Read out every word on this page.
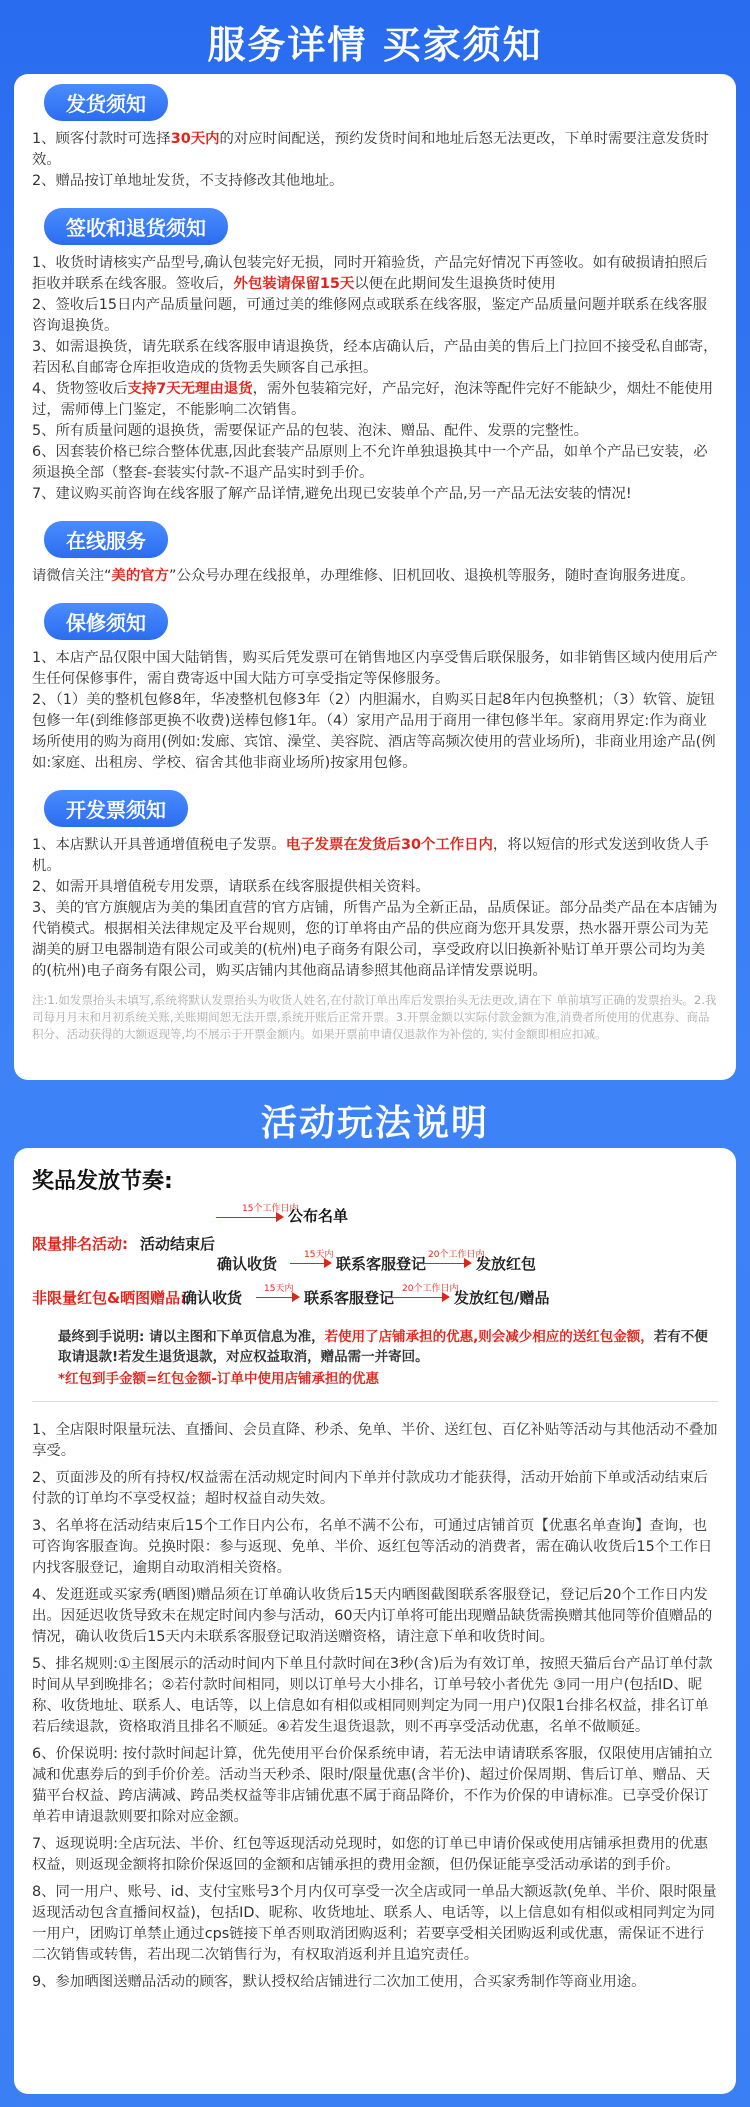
服务详情 买家须知
发货须知

1、顾客付款时可选择30天内的对应时间配送，预约发货时间和地址后怒无法更改，下单时需要注意发货时效。

2、赠品按订单地址发货，不支持修改其他地址。

签收和退货须知

1、收货时请核实产品型号,确认包装完好无损，同时开箱验货，产品完好情况下再签收。如有破损请拍照后拒收并联系在线客服。签收后，外包装请保留15天以便在此期间发生退换货时使用

2、签收后15日内产品质量问题，可通过美的维修网点或联系在线客服，鉴定产品质量问题并联系在线客服咨询退换货。

3、如需退换货，请先联系在线客服申请退换货，经本店确认后，产品由美的售后上门拉回不接受私自邮寄，若因私自邮寄仓库拒收造成的货物丢失顾客自己承担。

4、货物签收后支持7天无理由退货，需外包装箱完好，产品完好，泡沫等配件完好不能缺少，烟灶不能使用过，需师傅上门鉴定，不能影响二次销售。

5、所有质量问题的退换货，需要保证产品的包装、泡沫、赠品、配件、发票的完整性。

6、因套装价格已综合整体优惠,因此套装产品原则上不允许单独退换其中一个产品，如单个产品已安装，必须退换全部（整套-套装实付款-不退产品实时到手价。

7、建议购买前咨询在线客服了解产品详情,避免出现已安装单个产品,另一产品无法安装的情况!

在线服务

请微信关注“美的官方”公众号办理在线报单，办理维修、旧机回收、退换机等服务，随时查询服务进度。

保修须知

1、本店产品仅限中国大陆销售，购买后凭发票可在销售地区内享受售后联保服务，如非销售区域内使用后产生任何保修事件，需自费寄返中国大陆方可享受指定等保修服务。

2、（1）美的整机包修8年，华凌整机包修3年（2）内胆漏水，自购买日起8年内包换整机；（3）软管、旋钮包修一年(到维修部更换不收费)送棒包修1年。（4）家用产品用于商用一律包修半年。家商用界定:作为商业场所使用的购为商用(例如:发廊、宾馆、澡堂、美容院、酒店等高频次使用的营业场所)，非商业用途产品(例如:家庭、出租房、学校、宿舍其他非商业场所)按家用包修。

开发票须知

1、本店默认开具普通增值税电子发票。电子发票在发货后30个工作日内，将以短信的形式发送到收货人手机。

2、如需开具增值税专用发票，请联系在线客服提供相关资料。

3、美的官方旗舰店为美的集团直营的官方店铺，所售产品为全新正品，品质保证。部分品类产品在本店铺为代销模式。根据相关法律规定及平台规则，您的订单将由产品的供应商为您开具发票，热水器开票公司为芜湖美的厨卫电器制造有限公司或美的(杭州)电子商务有限公司，享受政府以旧换新补贴订单开票公司均为美的(杭州)电子商务有限公司，购买店铺内其他商品请参照其他商品详情发票说明。

注:1.如发票抬头未填写,系统将默认发票抬头为收货人姓名,在付款订单出库后发票抬头无法更改,请在下 单前填写正确的发票抬头。2.我司每月月末和月初系统关账,关账期间恕无法开票,系统开账后正常开票。3.开票金额以实际付款金额为准,消费者所使用的优惠券、商品积分、活动获得的大额返现等,均不展示于开票金额内。如果开票前申请仅退款作为补偿的, 实付金额即相应扣减。
活动玩法说明
奖品发放节奏:
15个工作日内
公布名单
限量排名活动: 活动结束后
确认收货	15天内 联系客服登记 20个工作日内
发放红包
非限量红包&晒图赠品:
确认收货 15天内 联系客服登记 20个工作日内
发放红包/赠品
最终到手说明: 请以主图和下单页信息为准，若使用了店铺承担的优惠,则会减少相应的送红包金额，若有不便取请退款!若发生退货退款，对应权益取消，赠品需一并寄回。
*红包到手金额=红包金额-订单中使用店铺承担的优惠

1、全店限时限量玩法、直播间、会员直降、秒杀、免单、半价、送红包、百亿补贴等活动与其他活动不叠加享受。

2、页面涉及的所有持权/权益需在活动规定时间内下单并付款成功才能获得，活动开始前下单或活动结束后付款的订单均不享受权益；超时权益自动失效。

3、名单将在活动结束后15个工作日内公布，名单不满不公布，可通过店铺首页【优惠名单查询】查询，也可咨询客服查询。兑换时限：参与返现、免单、半价、返红包等活动的消费者，需在确认收货后15个工作日内找客服登记，逾期自动取消相关资格。

4、发逛逛或买家秀(晒图)赠品须在订单确认收货后15天内晒图截图联系客服登记，登记后20个工作日内发出。因延迟收货导致未在规定时间内参与活动，60天内订单将可能出现赠品缺货需换赠其他同等价值赠品的情况，确认收货后15天内未联系客服登记取消送赠资格，请注意下单和收货时间。

5、排名规则:①主图展示的活动时间内下单且付款时间在3秒(含)后为有效订单，按照天猫后台产品订单付款时间从早到晚排名；②若付款时间相同，则以订单号大小排名，订单号较小者优先 ③同一用户(包括ID、昵称、收货地址、联系人、电话等，以上信息如有相似或相同则判定为同一用户)仅限1台排名权益，排名订单若后续退款，资格取消且排名不顺延。④若发生退货退款，则不再享受活动优惠，名单不做顺延。

6、价保说明: 按付款时间起计算，优先使用平台价保系统申请，若无法申请请联系客服，仅限使用店铺拍立减和优惠券后的到手价价差。活动当天秒杀、限时/限量优惠(含半价)、超过价保周期、售后订单、赠品、天猫平台权益、跨店满减、跨品类权益等非店铺优惠不属于商品降价，不作为价保的申请标准。已享受价保订单若申请退款则要扣除对应金额。

7、返现说明:全店玩法、半价、红包等返现活动兑现时，如您的订单已申请价保或使用店铺承担费用的优惠权益，则返现金额将扣除价保返回的金额和店铺承担的费用金额，但仍保证能享受活动承诺的到手价。

8、同一用户、账号、id、支付宝账号3个月内仅可享受一次全店或同一单品大额返款(免单、半价、限时限量返现活动包含直播间权益)，包括ID、昵称、收货地址、联系人、电话等，以上信息如有相似或相同判定为同一用户，团购订单禁止通过cps链接下单否则取消团购返利；若要享受相关团购返利或优惠，需保证不进行二次销售或转售，若出现二次销售行为，有权取消返利并且追究责任。

9、参加晒图送赠品活动的顾客，默认授权给店铺进行二次加工使用，合买家秀制作等商业用途。
